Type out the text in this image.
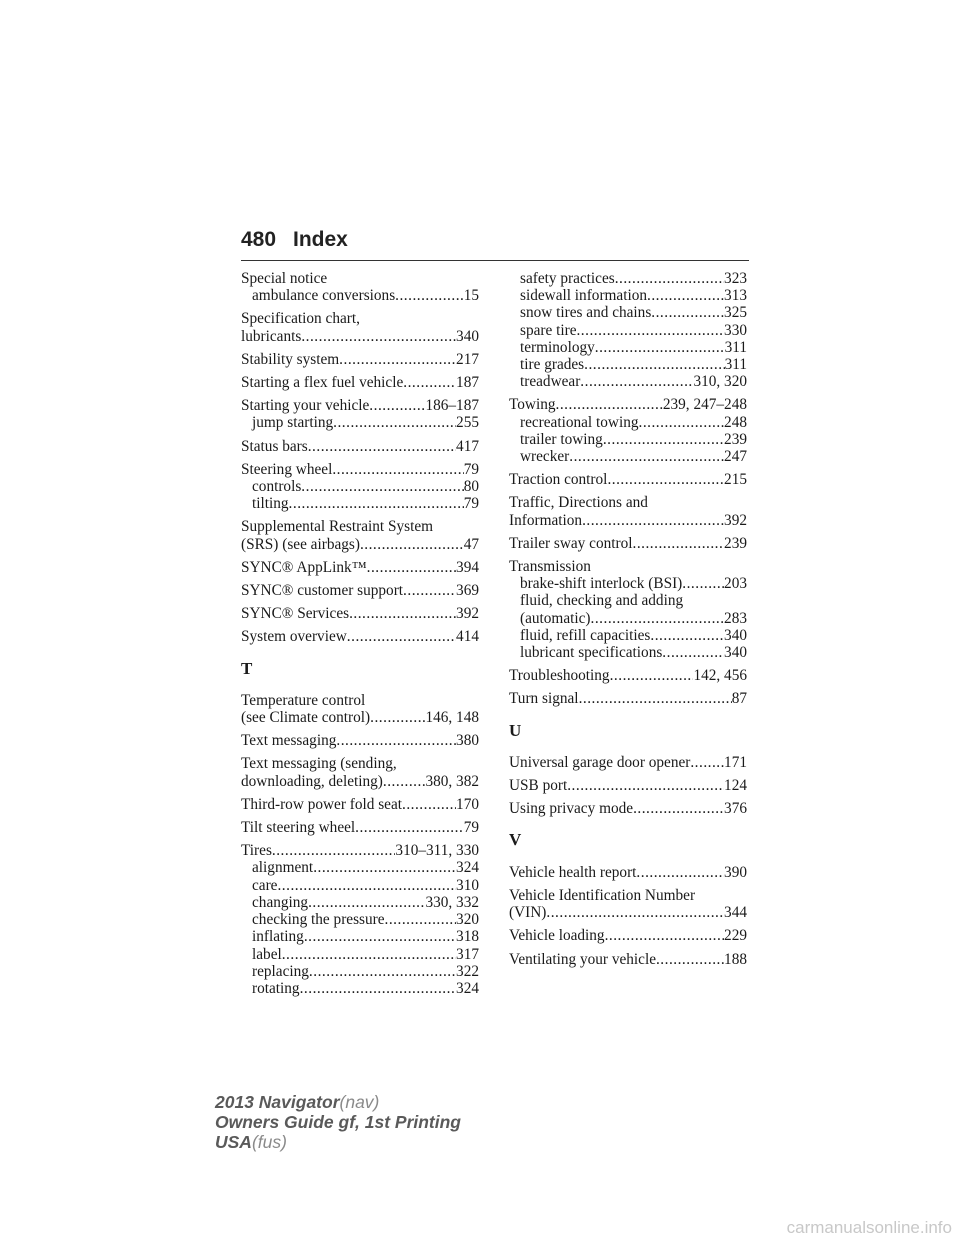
480 Index
Special notice
ambulance conversions .....	15
Specification chart,
lubricants .....	340
Stability system .....	217
Starting a flex fuel vehicle .....	187
Starting your vehicle .....	186–187
jump starting .....	255
Status bars .....	417
Steering wheel .....	79
controls .....	80
tilting .....	79
Supplemental Restraint System
(SRS) (see airbags) .....	47
SYNC® AppLink™ .....	394
SYNC® customer support .....	369
SYNC® Services .....	392
System overview .....	414
T
Temperature control
(see Climate control) .....	146, 148
Text messaging .....	380
Text messaging (sending,
downloading, deleting) .....	380, 382
Third-row power fold seat .....	170
Tilt steering wheel .....	79
Tires .....	310–311, 330
alignment .....	324
care .....	310
changing .....	330, 332
checking the pressure .....	320
inflating .....	318
label .....	317
replacing .....	322
rotating .....	324
safety practices .....	323
sidewall information .....	313
snow tires and chains .....	325
spare tire .....	330
terminology .....	311
tire grades .....	311
treadwear .....	310, 320
Towing .....	239, 247–248
recreational towing .....	248
trailer towing .....	239
wrecker .....	247
Traction control .....	215
Traffic, Directions and
Information .....	392
Trailer sway control .....	239
Transmission
brake-shift interlock (BSI) .....	203
fluid, checking and adding
(automatic) .....	283
fluid, refill capacities .....	340
lubricant specifications .....	340
Troubleshooting .....	142, 456
Turn signal .....	87
U
Universal garage door opener ..... 171
USB port .....	124
Using privacy mode .....	376
V
Vehicle health report .....	390
Vehicle Identification Number
(VIN) .....	344
Vehicle loading .....	229
Ventilating your vehicle .....	188
2013 Navigator(nav)
Owners Guide gf, 1st Printing
USA(fus)
carmanualsonline.info
